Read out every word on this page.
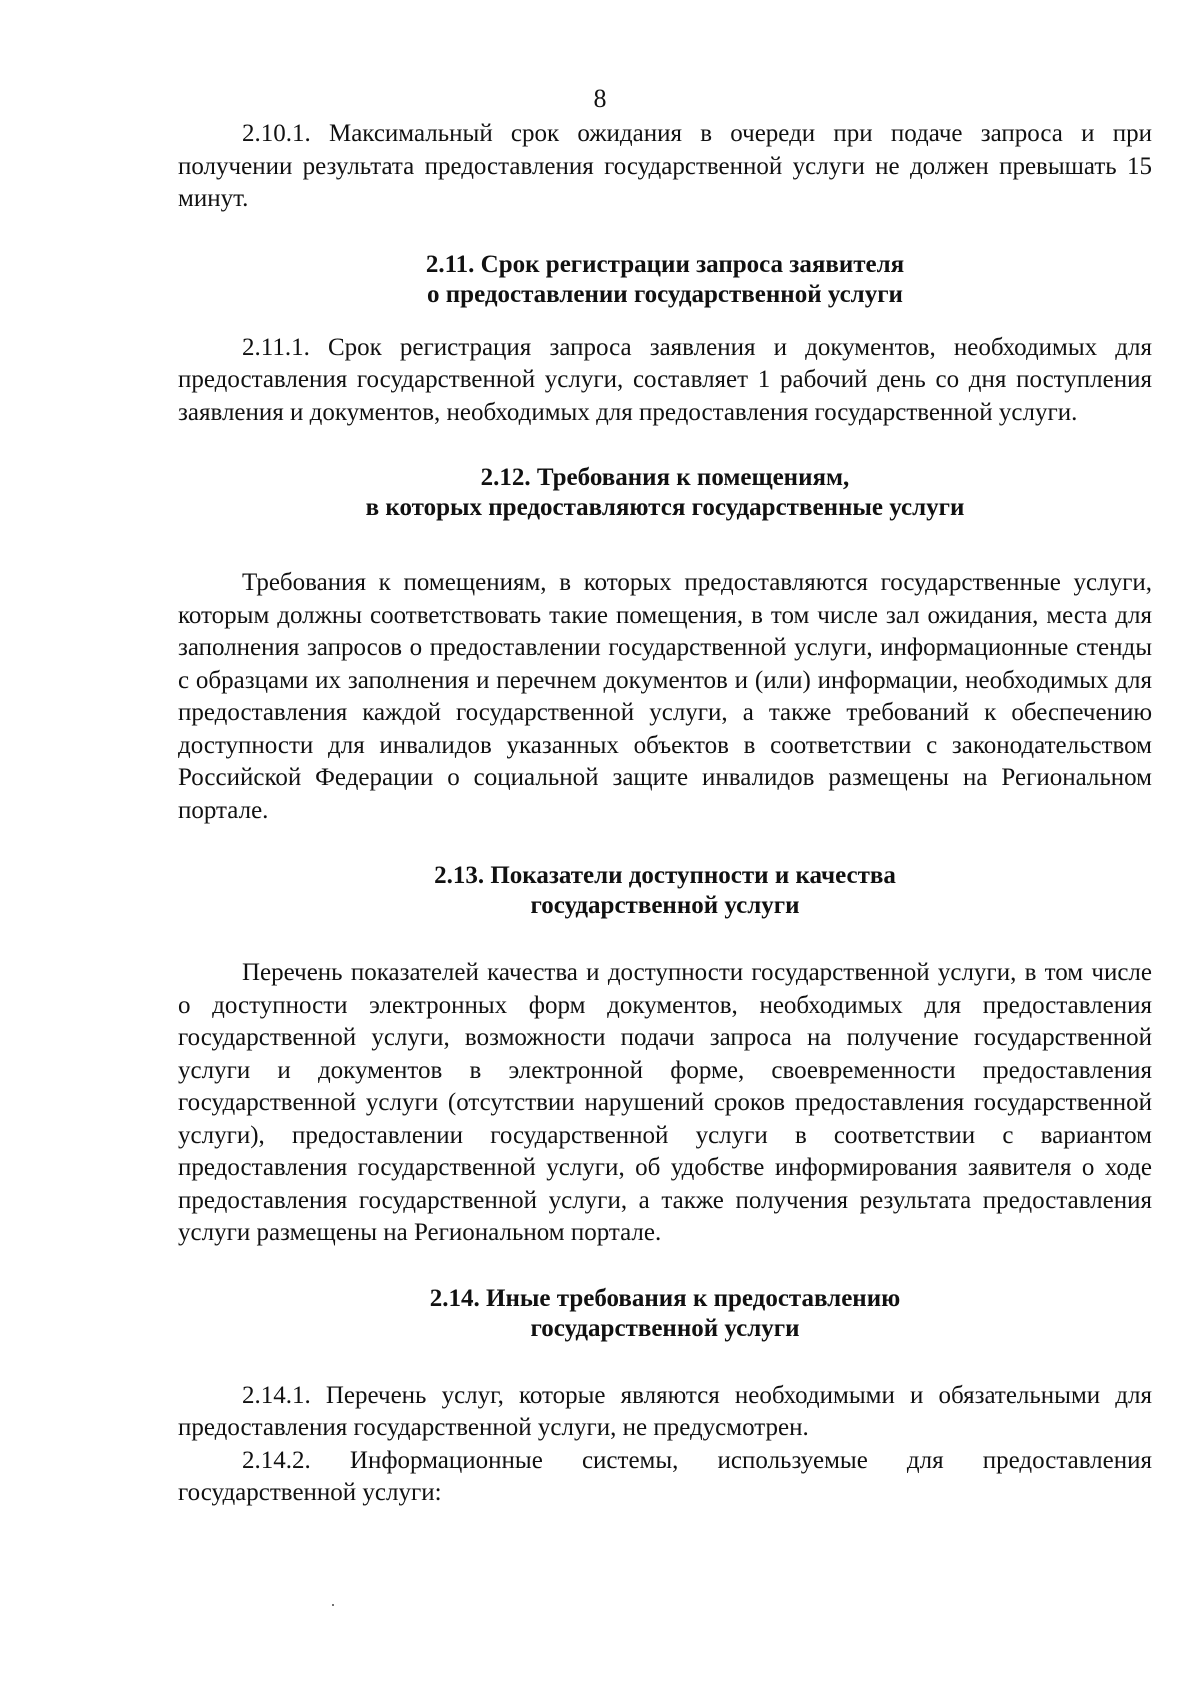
8

2.10.1. Максимальный срок ожидания в очереди при подаче запроса и при получении результата предоставления государственной услуги не должен превышать 15 минут.

2.11. Срок регистрации запроса заявителя
о предоставлении государственной услуги

2.11.1. Срок регистрация запроса заявления и документов, необходимых для предоставления государственной услуги, составляет 1 рабочий день со дня поступления заявления и документов, необходимых для предоставления государственной услуги.

2.12. Требования к помещениям,
в которых предоставляются государственные услуги

Требования к помещениям, в которых предоставляются государственные услуги, которым должны соответствовать такие помещения, в том числе зал ожидания, места для заполнения запросов о предоставлении государственной услуги, информационные стенды с образцами их заполнения и перечнем документов и (или) информации, необходимых для предоставления каждой государственной услуги, а также требований к обеспечению доступности для инвалидов указанных объектов в соответствии с законодательством Российской Федерации о социальной защите инвалидов размещены на Региональном портале.

2.13. Показатели доступности и качества
государственной услуги

Перечень показателей качества и доступности государственной услуги, в том числе о доступности электронных форм документов, необходимых для предоставления государственной услуги, возможности подачи запроса на получение государственной услуги и документов в электронной форме, своевременности предоставления государственной услуги (отсутствии нарушений сроков предоставления государственной услуги), предоставлении государственной услуги в соответствии с вариантом предоставления государственной услуги, об удобстве информирования заявителя о ходе предоставления государственной услуги, а также получения результата предоставления услуги размещены на Региональном портале.

2.14. Иные требования к предоставлению
государственной услуги

2.14.1. Перечень услуг, которые являются необходимыми и обязательными для предоставления государственной услуги, не предусмотрен.

2.14.2. Информационные системы, используемые для предоставления государственной услуги:
